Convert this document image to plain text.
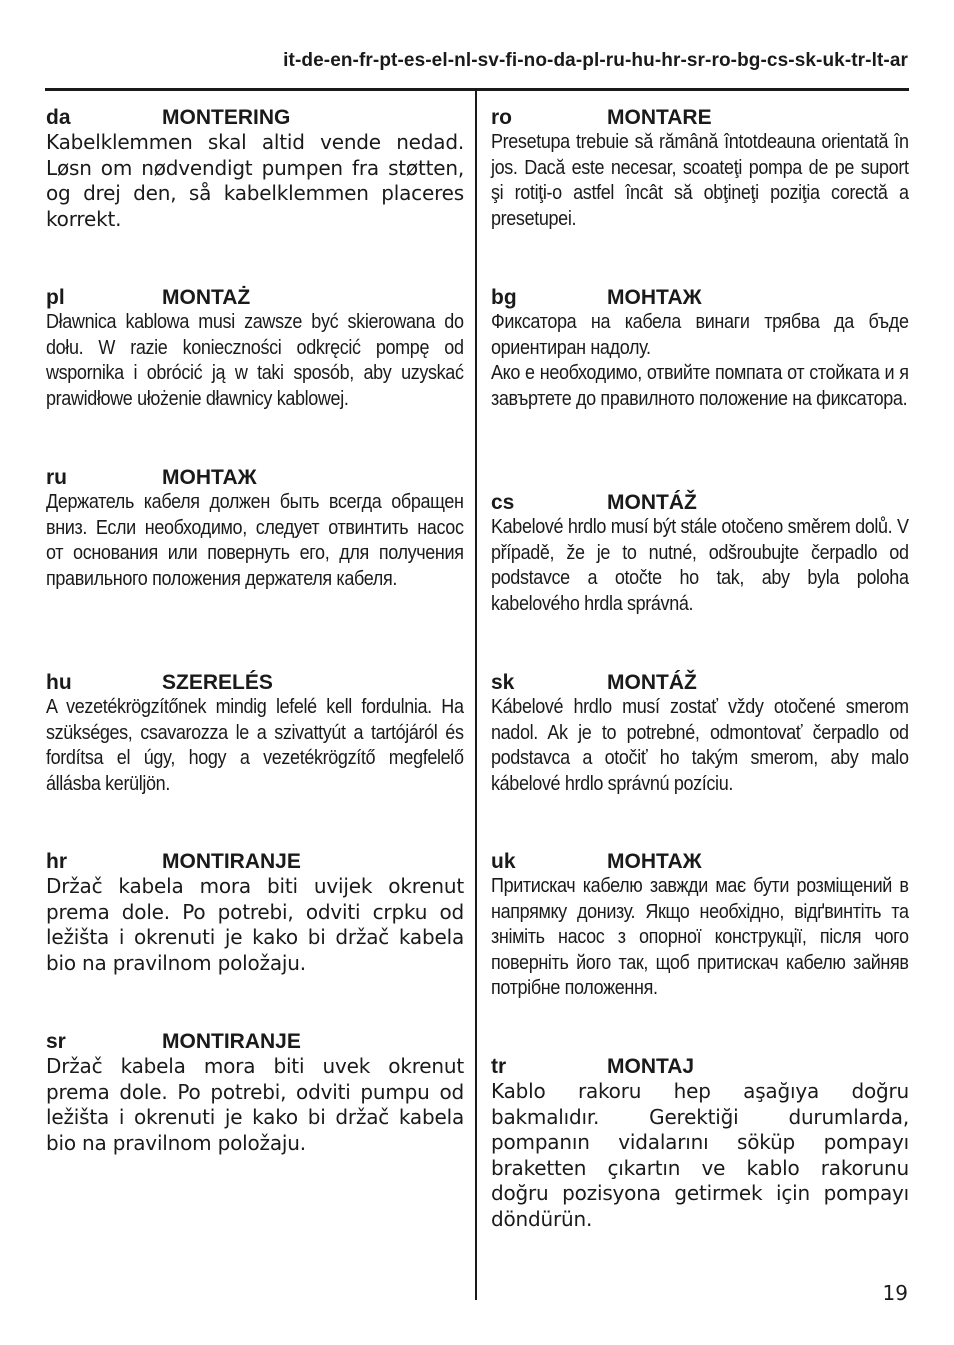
it-de-en-fr-pt-es-el-nl-sv-fi-no-da-pl-ru-hu-hr-sr-ro-bg-cs-sk-uk-tr-lt-ar
da	MONTERING

Kabelklemmen skal altid vende nedad. Løsn om nødvendigt pumpen fra støtten, og drej den, så kabelklemmen placeres korrekt.

pl	MONTAŻ

Dławnica kablowa musi zawsze być skierowana do dołu. W razie konieczności odkręcić pompę od wspornika i obrócić ją w taki sposób, aby uzyskać prawidłowe ułożenie dławnicy kablowej.

ru	МОНТАЖ

Держатель кабеля должен быть всегда обращен вниз. Если необходимо, следует отвинтить насос от основания или повернуть его, для получения правильного положения держателя кабеля.

hu	SZERELÉS

A vezetékrögzítőnek mindig lefelé kell fordulnia. Ha szükséges, csavarozza le a szivattyút a tartójáról és fordítsa el úgy, hogy a vezetékrögzítő megfelelő állásba kerüljön.

hr	MONTIRANJE

Držač kabela mora biti uvijek okrenut prema dole. Po potrebi, odviti crpku od ležišta i okrenuti je kako bi držač kabela bio na pravilnom položaju.

sr	MONTIRANJE

Držač kabela mora biti uvek okrenut prema dole. Po potrebi, odviti pumpu od ležišta i okrenuti je kako bi držač kabela bio na pravilnom položaju.

ro	MONTARE

Presetupa trebuie să rămână întotdeauna orientată în jos. Dacă este necesar, scoateţi pompa de pe suport şi rotiţi-o astfel încât să obţineţi poziţia corectă a presetupei.

bg	МОНТАЖ

Фиксатора на кабела винаги трябва да бъде ориентиран надолу.

Ако е необходимо, отвийте помпата от стойката и я завъртете до правилното положение на фиксатора.

cs	MONTÁŽ

Kabelové hrdlo musí být stále otočeno směrem dolů. V případě, že je to nutné, odšroubujte čerpadlo od podstavce a otočte ho tak, aby byla poloha kabelového hrdla správná.

sk	MONTÁŽ

Kábelové hrdlo musí zostať vždy otočené smerom nadol. Ak je to potrebné, odmontovať čerpadlo od podstavca a otočiť ho takým smerom, aby malo kábelové hrdlo správnú pozíciu.

uk	МОНТАЖ

Притискач кабелю завжди має бути розміщений в напрямку донизу. Якщо необхідно, відґвинтіть та зніміть насос з опорної конструкції, після чого поверніть його так, щоб притискач кабелю зайняв потрібне положення.

tr	MONTAJ

Kablo rakoru hep aşağıya doğru bakmalıdır. Gerektiği durumlarda, pompanın vidalarını söküp pompayı braketten çıkartın ve kablo rakorunu doğru pozisyona getirmek için pompayı döndürün.

19
